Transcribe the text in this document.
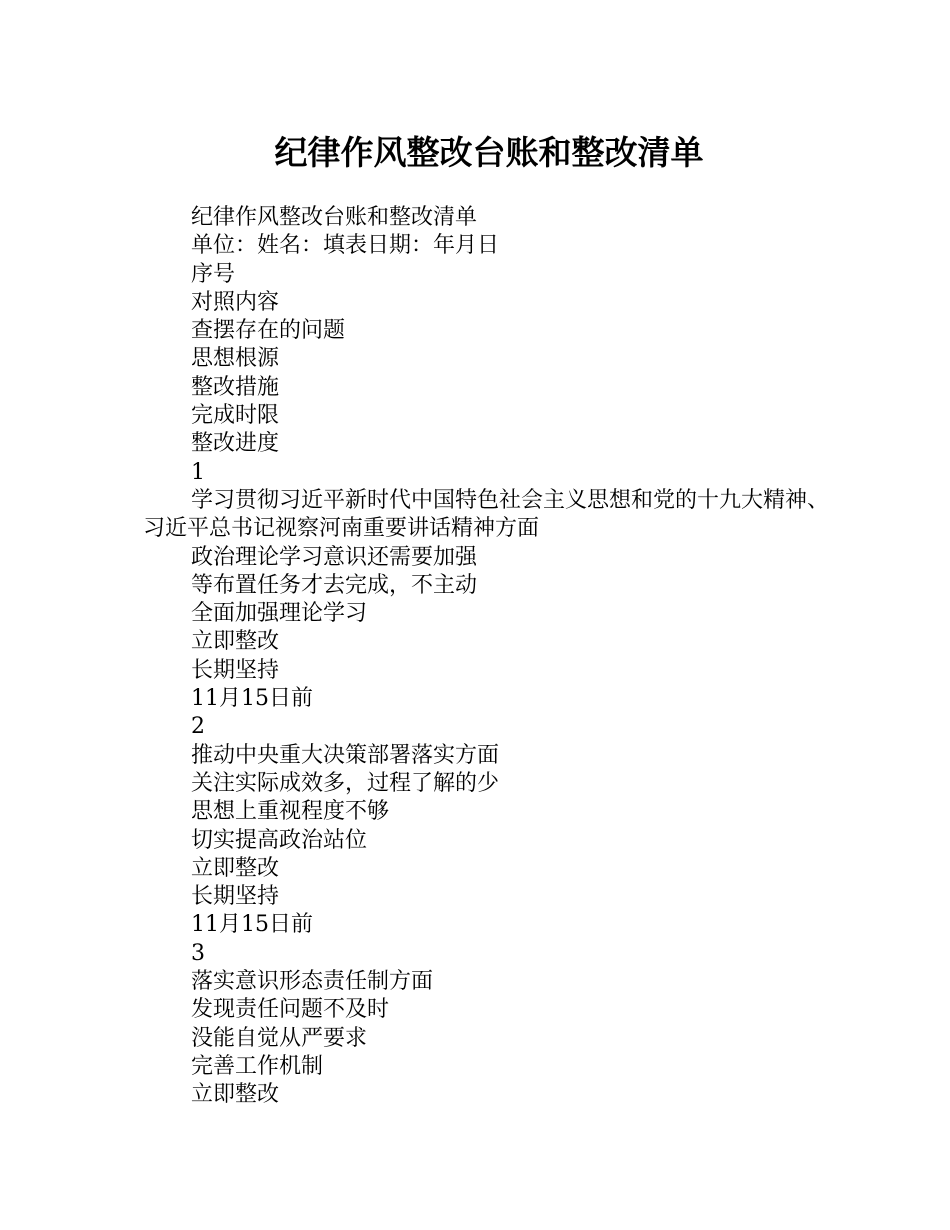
纪律作风整改台账和整改清单

纪律作风整改台账和整改清单

单位：姓名：填表日期：年月日

序号

对照内容

查摆存在的问题

思想根源

整改措施

完成时限

整改进度

1

学习贯彻习近平新时代中国特色社会主义思想和党的十九大精神、习近平总书记视察河南重要讲话精神方面

政治理论学习意识还需要加强

等布置任务才去完成，不主动

全面加强理论学习

立即整改

长期坚持

11月15日前

2

推动中央重大决策部署落实方面

关注实际成效多，过程了解的少

思想上重视程度不够

切实提高政治站位

立即整改

长期坚持

11月15日前

3

落实意识形态责任制方面

发现责任问题不及时

没能自觉从严要求

完善工作机制

立即整改
